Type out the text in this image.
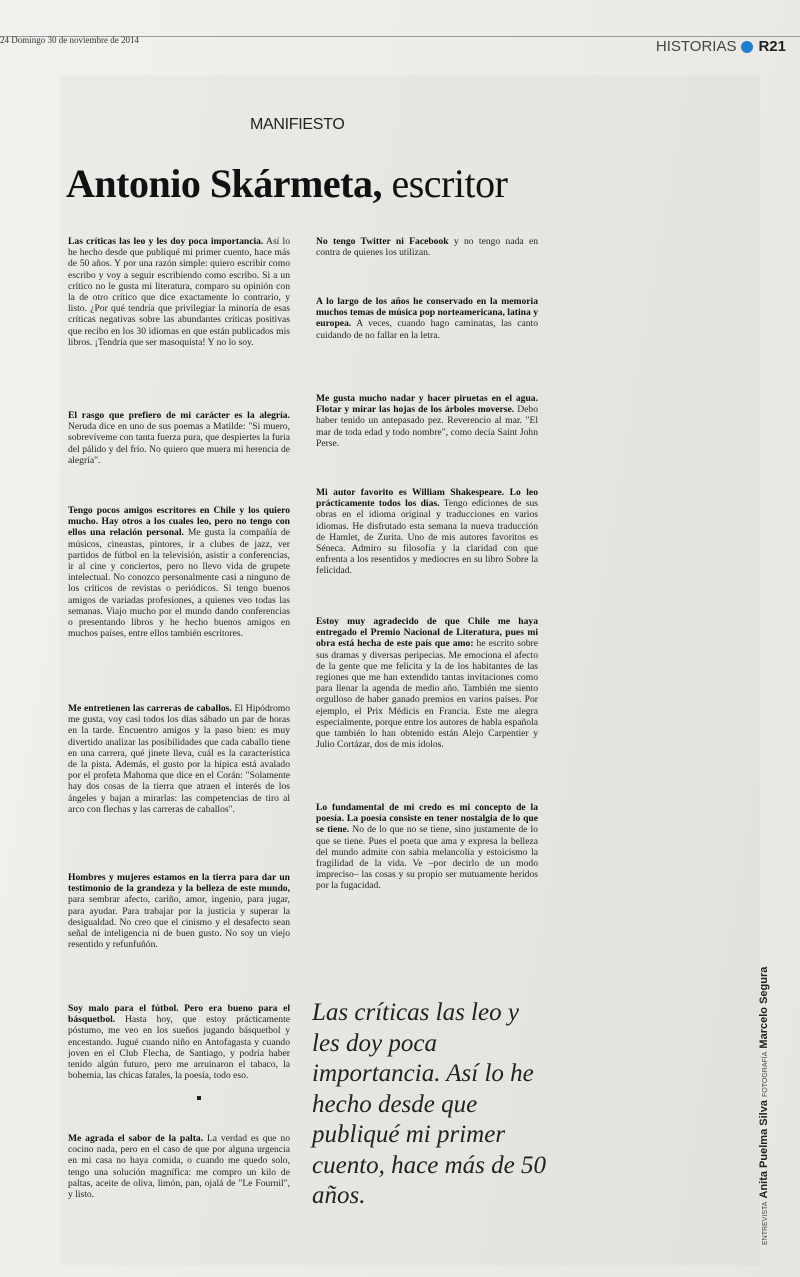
24 Domingo 30 de noviembre de 2014	HISTORIAS R21
MANIFIESTO
Antonio Skármeta, escritor
Las críticas las leo y les doy poca importancia. Así lo he hecho desde que publiqué mi primer cuento, hace más de 50 años. Y por una razón simple: quiero escribir como escribo y voy a seguir escribiendo como escribo. Si a un crítico no le gusta mi literatura, comparo su opinión con la de otro crítico que dice exactamente lo contrario, y listo. ¿Por qué tendría que privilegiar la minoría de esas críticas negativas sobre las abundantes críticas positivas que recibo en los 30 idiomas en que están publicados mis libros. ¡Tendría que ser masoquista! Y no lo soy.
El rasgo que prefiero de mi carácter es la alegría. Neruda dice en uno de sus poemas a Matilde: "Si muero, sobrevíveme con tanta fuerza pura, que despiertes la furia del pálido y del frío. No quiero que muera mi herencia de alegría".
Tengo pocos amigos escritores en Chile y los quiero mucho. Hay otros a los cuales leo, pero no tengo con ellos una relación personal. Me gusta la compañía de músicos, cineastas, pintores, ir a clubes de jazz, ver partidos de fútbol en la televisión, asistir a conferencias, ir al cine y conciertos, pero no llevo vida de grupete intelectual. No conozco personalmente casi a ninguno de los críticos de revistas o periódicos. Si tengo buenos amigos de variadas profesiones, a quienes veo todas las semanas. Viajo mucho por el mundo dando conferencias o presentando libros y he hecho buenos amigos en muchos países, entre ellos también escritores.
Me entretienen las carreras de caballos. El Hipódromo me gusta, voy casi todos los días sábado un par de horas en la tarde. Encuentro amigos y la paso bien: es muy divertido analizar las posibilidades que cada caballo tiene en una carrera, qué jinete lleva, cuál es la característica de la pista. Además, el gusto por la hípica está avalado por el profeta Mahoma que dice en el Corán: "Solamente hay dos cosas de la tierra que atraen el interés de los ángeles y bajan a mirarlas: las competencias de tiro al arco con flechas y las carreras de caballos".
Hombres y mujeres estamos en la tierra para dar un testimonio de la grandeza y la belleza de este mundo, para sembrar afecto, cariño, amor, ingenio, para jugar, para ayudar. Para trabajar por la justicia y superar la desigualdad. No creo que el cinismo y el desafecto sean señal de inteligencia ni de buen gusto. No soy un viejo resentido y refunfuñón.
Soy malo para el fútbol. Pero era bueno para el básquetbol. Hasta hoy, que estoy prácticamente póstumo, me veo en los sueños jugando básquetbol y encestando. Jugué cuando niño en Antofagasta y cuando joven en el Club Flecha, de Santiago, y podría haber tenido algún futuro, pero me arruinaron el tabaco, la bohemia, las chicas fatales, la poesía, todo eso.
Me agrada el sabor de la palta. La verdad es que no cocino nada, pero en el caso de que por alguna urgencia en mi casa no haya comida, o cuando me quedo solo, tengo una solución magnífica: me compro un kilo de paltas, aceite de oliva, limón, pan, ojalá de "Le Fournil", y listo.
No tengo Twitter ni Facebook y no tengo nada en contra de quienes los utilizan.
A lo largo de los años he conservado en la memoria muchos temas de música pop norteamericana, latina y europea. A veces, cuando hago caminatas, las canto cuidando de no fallar en la letra.
Me gusta mucho nadar y hacer piruetas en el agua. Flotar y mirar las hojas de los árboles moverse. Debo haber tenido un antepasado pez. Reverencio al mar. "El mar de toda edad y todo nombre", como decía Saint John Perse.
Mi autor favorito es William Shakespeare. Lo leo prácticamente todos los días. Tengo ediciones de sus obras en el idioma original y traducciones en varios idiomas. He disfrutado esta semana la nueva traducción de Hamlet, de Zurita. Uno de mis autores favoritos es Séneca. Admiro su filosofía y la claridad con que enfrenta a los resentidos y mediocres en su libro Sobre la felicidad.
Estoy muy agradecido de que Chile me haya entregado el Premio Nacional de Literatura, pues mi obra está hecha de este país que amo: he escrito sobre sus dramas y diversas peripecias. Me emociona el afecto de la gente que me felicita y la de los habitantes de las regiones que me han extendido tantas invitaciones como para llenar la agenda de medio año. También me siento orgulloso de haber ganado premios en varios países. Por ejemplo, el Prix Médicis en Francia. Este me alegra especialmente, porque entre los autores de habla española que también lo han obtenido están Alejo Carpentier y Julio Cortázar, dos de mis ídolos.
Lo fundamental de mi credo es mi concepto de la poesía. La poesía consiste en tener nostalgia de lo que se tiene. No de lo que no se tiene, sino justamente de lo que se tiene. Pues el poeta que ama y expresa la belleza del mundo admite con sabia melancolía y estoicismo la fragilidad de la vida. Ve –por decirlo de un modo impreciso– las cosas y su propio ser mutuamente heridos por la fugacidad.
Las críticas las leo y les doy poca importancia. Así lo he hecho desde que publiqué mi primer cuento, hace más de 50 años.
ENTREVISTA Anita Puelma Silva FOTOGRAFÍA Marcelo Segura
